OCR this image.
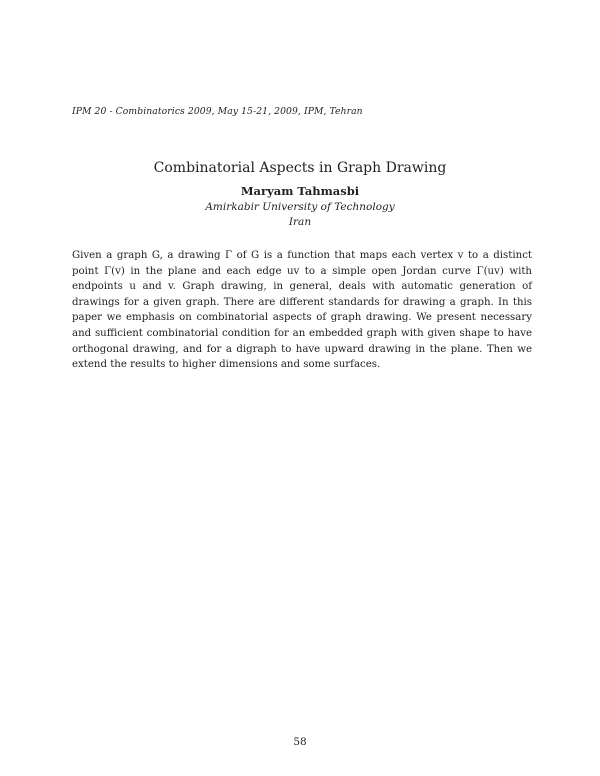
IPM 20 - Combinatorics 2009, May 15-21, 2009, IPM, Tehran
Combinatorial Aspects in Graph Drawing
Maryam Tahmasbi
Amirkabir University of Technology
Iran
Given a graph G, a drawing Γ of G is a function that maps each vertex v to a distinct point Γ(v) in the plane and each edge uv to a simple open Jordan curve Γ(uv) with endpoints u and v. Graph drawing, in general, deals with automatic generation of drawings for a given graph. There are different standards for drawing a graph. In this paper we emphasis on combinatorial aspects of graph drawing. We present necessary and sufficient combinatorial condition for an embedded graph with given shape to have orthogonal drawing, and for a digraph to have upward drawing in the plane. Then we extend the results to higher dimensions and some surfaces.
58
